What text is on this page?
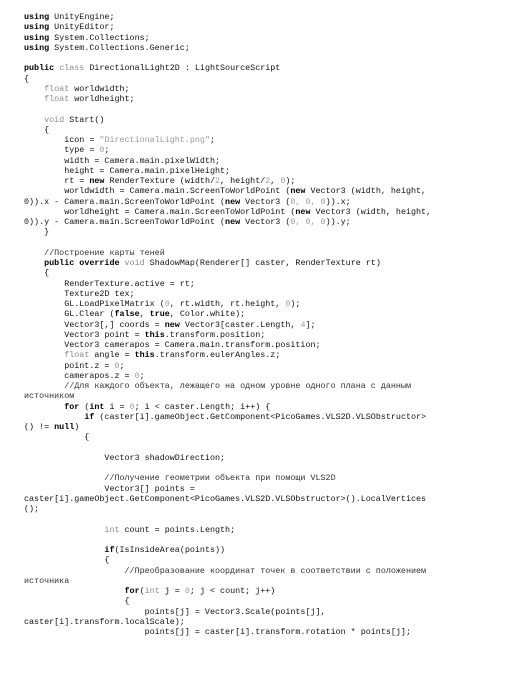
using UnityEngine;
using UnityEditor;
using System.Collections;
using System.Collections.Generic;
public class DirectionalLight2D : LightSourceScript
{
float worldwidth;
float worldheight;
void Start()
{
icon = "DirectionalLight.png";
type = 0;
width = Camera.main.pixelWidth;
height = Camera.main.pixelHeight;
rt = new RenderTexture (width/2, height/2, 0);
worldwidth = Camera.main.ScreenToWorldPoint (new Vector3 (width, height,
0)).x - Camera.main.ScreenToWorldPoint (new Vector3 (0, 0, 0)).x;
worldheight = Camera.main.ScreenToWorldPoint (new Vector3 (width, height,
0)).y - Camera.main.ScreenToWorldPoint (new Vector3 (0, 0, 0)).y;
}
//Построение карты теней
public override void ShadowMap(Renderer[] caster, RenderTexture rt)
{
RenderTexture.active = rt;
Texture2D tex;
GL.LoadPixelMatrix (0, rt.width, rt.height, 0);
GL.Clear (false, true, Color.white);
Vector3[,] coords = new Vector3[caster.Length, 4];
Vector3 point = this.transform.position;
Vector3 camerapos = Camera.main.transform.position;
float angle = this.transform.eulerAngles.z;
point.z = 0;
camerapos.z = 0;
//Для каждого объекта, лежащего на одном уровне одного плана с данным
источником
for (int i = 0; i < caster.Length; i++) {
if (caster[i].gameObject.GetComponent<PicoGames.VLS2D.VLSObstructor>
() != null)
{
Vector3 shadowDirection;
//Получение геометрии объекта при помощи VLS2D
Vector3[] points =
caster[i].gameObject.GetComponent<PicoGames.VLS2D.VLSObstructor>().LocalVertices
();
int count = points.Length;
if(IsInsideArea(points))
{
//Преобразование координат точек в соответствии с положением
источника
for(int j = 0; j < count; j++)
{
points[j] = Vector3.Scale(points[j],
caster[i].transform.localScale);
points[j] = caster[i].transform.rotation * points[j];
